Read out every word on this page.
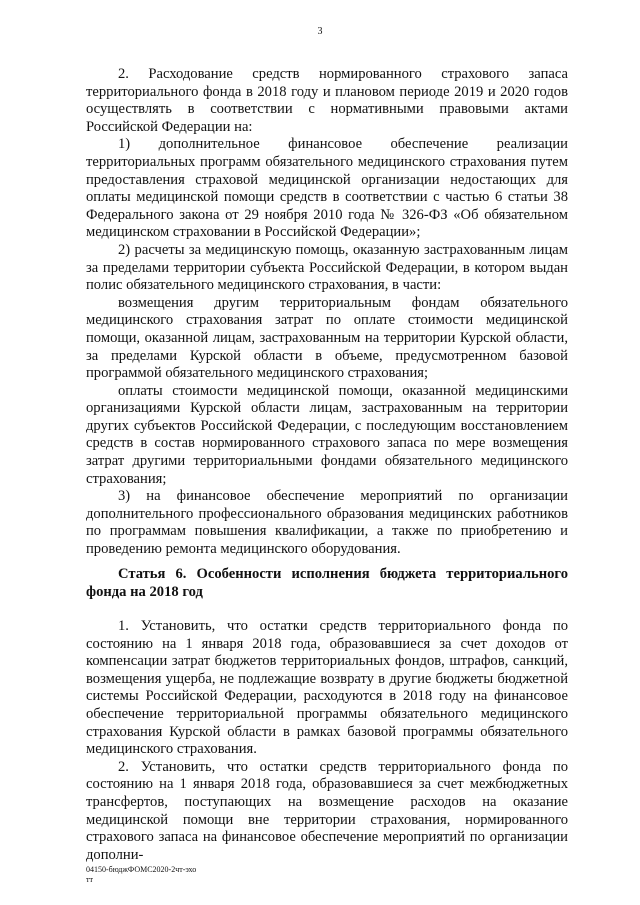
3

2. Расходование средств нормированного страхового запаса территориального фонда в 2018 году и плановом периоде 2019 и 2020 годов осуществлять в соответствии с нормативными правовыми актами Российской Федерации на:

1) дополнительное финансовое обеспечение реализации территориальных программ обязательного медицинского страхования путем предоставления страховой медицинской организации недостающих для оплаты медицинской помощи средств в соответствии с частью 6 статьи 38 Федерального закона от 29 ноября 2010 года № 326-ФЗ «Об обязательном медицинском страховании в Российской Федерации»;

2) расчеты за медицинскую помощь, оказанную застрахованным лицам за пределами территории субъекта Российской Федерации, в котором выдан полис обязательного медицинского страхования, в части:

возмещения другим территориальным фондам обязательного медицинского страхования затрат по оплате стоимости медицинской помощи, оказанной лицам, застрахованным на территории Курской области, за пределами Курской области в объеме, предусмотренном базовой программой обязательного медицинского страхования;

оплаты стоимости медицинской помощи, оказанной медицинскими организациями Курской области лицам, застрахованным на территории других субъектов Российской Федерации, с последующим восстановлением средств в состав нормированного страхового запаса по мере возмещения затрат другими территориальными фондами обязательного медицинского страхования;

3) на финансовое обеспечение мероприятий по организации дополнительного профессионального образования медицинских работников по программам повышения квалификации, а также по приобретению и проведению ремонта медицинского оборудования.

Статья 6. Особенности исполнения бюджета территориального фонда на 2018 год

1. Установить, что остатки средств территориального фонда по состоянию на 1 января 2018 года, образовавшиеся за счет доходов от компенсации затрат бюджетов территориальных фондов, штрафов, санкций, возмещения ущерба, не подлежащие возврату в другие бюджеты бюджетной системы Российской Федерации, расходуются в 2018 году на финансовое обеспечение территориальной программы обязательного медицинского страхования Курской области в рамках базовой программы обязательного медицинского страхования.

2. Установить, что остатки средств территориального фонда по состоянию на 1 января 2018 года, образовавшиеся за счет межбюджетных трансфертов, поступающих на возмещение расходов на оказание медицинской помощи вне территории страхования, нормированного страхового запаса на финансовое обеспечение мероприятий по организации дополни-

04150-бюджФОМС2020-2чт-эхо
тт
